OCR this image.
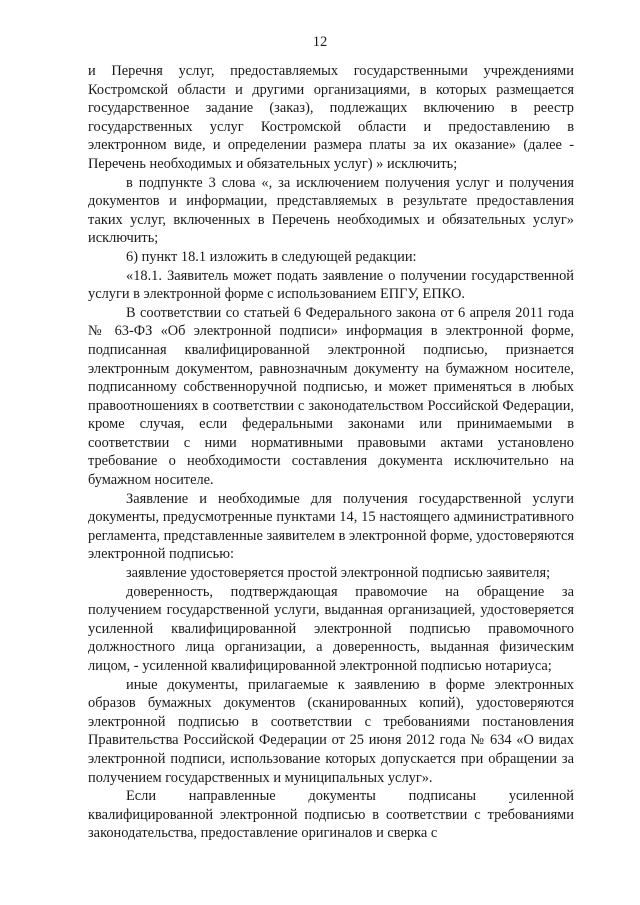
12

и Перечня услуг, предоставляемых государственными учреждениями Костромской области и другими организациями, в которых размещается государственное задание (заказ), подлежащих включению в реестр государственных услуг Костромской области и предоставлению в электронном виде, и определении размера платы за их оказание» (далее - Перечень необходимых и обязательных услуг) » исключить;

в подпункте 3 слова «, за исключением получения услуг и получения документов и информации, представляемых в результате предоставления таких услуг, включенных в Перечень необходимых и обязательных услуг» исключить;

6) пункт 18.1 изложить в следующей редакции:

«18.1. Заявитель может подать заявление о получении государственной услуги в электронной форме с использованием ЕПГУ, ЕПКО.

В соответствии со статьей 6 Федерального закона от 6 апреля 2011 года № 63-ФЗ «Об электронной подписи» информация в электронной форме, подписанная квалифицированной электронной подписью, признается электронным документом, равнозначным документу на бумажном носителе, подписанному собственноручной подписью, и может применяться в любых правоотношениях в соответствии с законодательством Российской Федерации, кроме случая, если федеральными законами или принимаемыми в соответствии с ними нормативными правовыми актами установлено требование о необходимости составления документа исключительно на бумажном носителе.

Заявление и необходимые для получения государственной услуги документы, предусмотренные пунктами 14, 15 настоящего административного регламента, представленные заявителем в электронной форме, удостоверяются электронной подписью:

заявление удостоверяется простой электронной подписью заявителя;

доверенность, подтверждающая правомочие на обращение за получением государственной услуги, выданная организацией, удостоверяется усиленной квалифицированной электронной подписью правомочного должностного лица организации, а доверенность, выданная физическим лицом, - усиленной квалифицированной электронной подписью нотариуса;

иные документы, прилагаемые к заявлению в форме электронных образов бумажных документов (сканированных копий), удостоверяются электронной подписью в соответствии с требованиями постановления Правительства Российской Федерации от 25 июня 2012 года № 634 «О видах электронной подписи, использование которых допускается при обращении за получением государственных и муниципальных услуг».

Если направленные документы подписаны усиленной квалифицированной электронной подписью в соответствии с требованиями законодательства, предоставление оригиналов и сверка с
